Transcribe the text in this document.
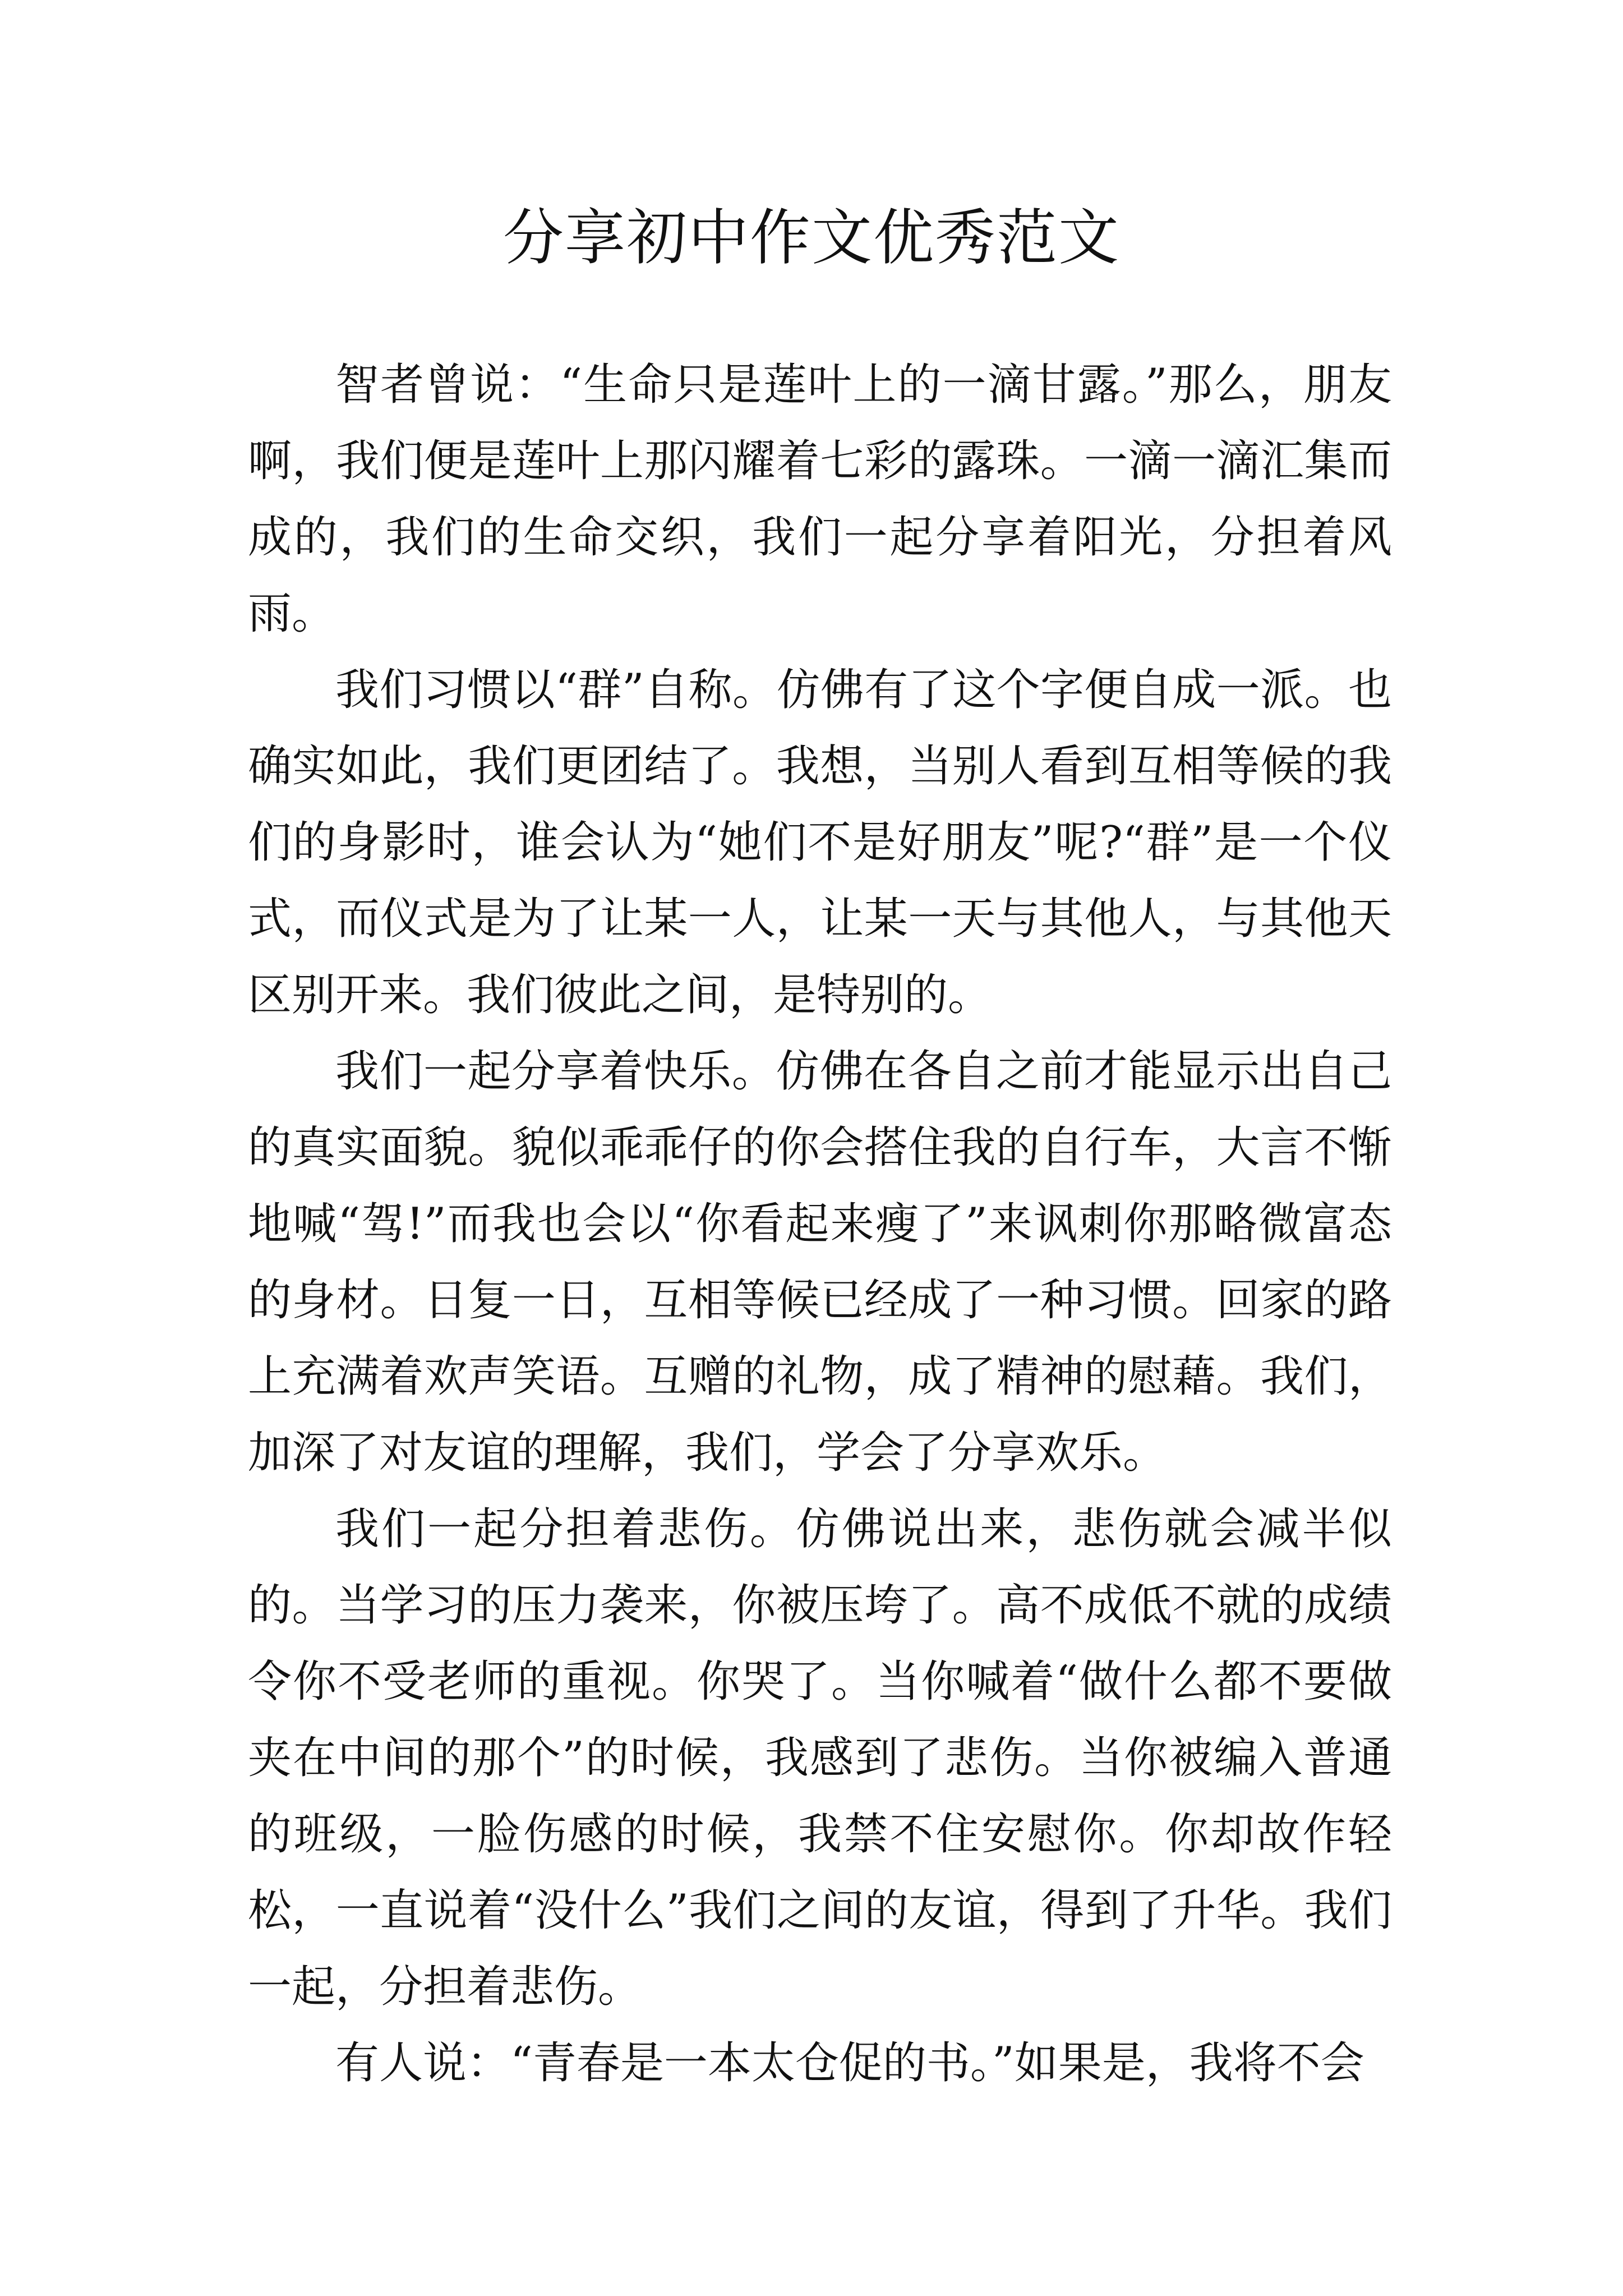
分享初中作文优秀范文

智者曾说：“生命只是莲叶上的一滴甘露。”那么，朋友啊，我们便是莲叶上那闪耀着七彩的露珠。一滴一滴汇集而成的，我们的生命交织，我们一起分享着阳光，分担着风雨。

我们习惯以“群”自称。仿佛有了这个字便自成一派。也确实如此，我们更团结了。我想，当别人看到互相等候的我们的身影时，谁会认为“她们不是好朋友”呢?“群”是一个仪式，而仪式是为了让某一人，让某一天与其他人，与其他天区别开来。我们彼此之间，是特别的。

我们一起分享着快乐。仿佛在各自之前才能显示出自己的真实面貌。貌似乖乖仔的你会搭住我的自行车，大言不惭地喊“驾!”而我也会以“你看起来瘦了”来讽刺你那略微富态的身材。日复一日，互相等候已经成了一种习惯。回家的路上充满着欢声笑语。互赠的礼物，成了精神的慰藉。我们，加深了对友谊的理解，我们，学会了分享欢乐。

我们一起分担着悲伤。仿佛说出来，悲伤就会减半似的。当学习的压力袭来，你被压垮了。高不成低不就的成绩令你不受老师的重视。你哭了。当你喊着“做什么都不要做夹在中间的那个”的时候，我感到了悲伤。当你被编入普通的班级，一脸伤感的时候，我禁不住安慰你。你却故作轻松，一直说着“没什么”我们之间的友谊，得到了升华。我们一起，分担着悲伤。

有人说：“青春是一本太仓促的书。”如果是，我将不会
